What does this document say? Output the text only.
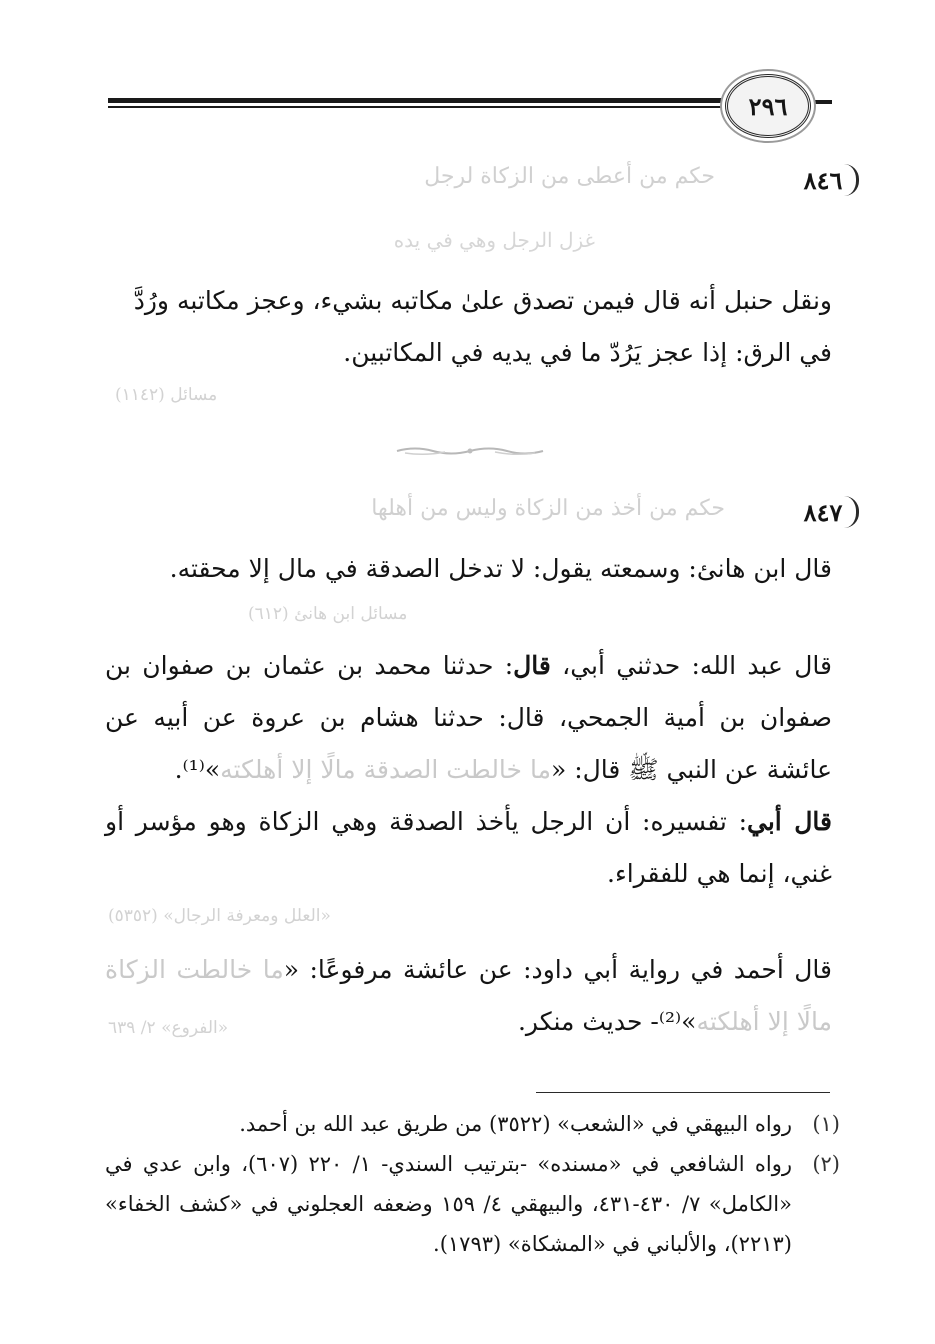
٢٩٦
٨٤٦
حكم من أعطى من الزكاة لرجل
غزل الرجل وهي في يده
ونقل حنبل أنه قال فيمن تصدق علىٰ مكاتبه بشيء، وعجز مكاتبه ورُدَّ
في الرق: إذا عجز يَرُدّ ما في يديه في المكاتبين.
مسائل (١١٤٢)
٨٤٧
حكم من أخذ من الزكاة وليس من أهلها
قال ابن هانئ: وسمعته يقول: لا تدخل الصدقة في مال إلا محقته.
مسائل ابن هانئ (٦١٢)
قال عبد الله: حدثني أبي، قال: حدثنا محمد بن عثمان بن صفوان بن صفوان بن أمية الجمحي، قال: حدثنا هشام بن عروة عن أبيه عن عائشة عن النبي ﷺ قال: «ما خالطت الصدقة مالًا إلا أهلكته»⁽¹⁾.
قال أبي: تفسيره: أن الرجل يأخذ الصدقة وهي الزكاة وهو مؤسر أو غني، إنما هي للفقراء.
«العلل ومعرفة الرجال» (٥٣٥٢)
قال أحمد في رواية أبي داود: عن عائشة مرفوعًا: «ما خالطت الزكاة مالًا إلا أهلكته»⁽²⁾- حديث منكر.
«الفروع» ٢/ ٦٣٩
(١)
رواه البيهقي في «الشعب» (٣٥٢٢) من طريق عبد الله بن أحمد.
(٢)
رواه الشافعي في «مسنده» -بترتيب السندي- ١/ ٢٢٠ (٦٠٧)، وابن عدي في «الكامل» ٧/ ٤٣٠-٤٣١، والبيهقي ٤/ ١٥٩ وضعفه العجلوني في «كشف الخفاء» (٢٢١٣)، والألباني في «المشكاة» (١٧٩٣).
